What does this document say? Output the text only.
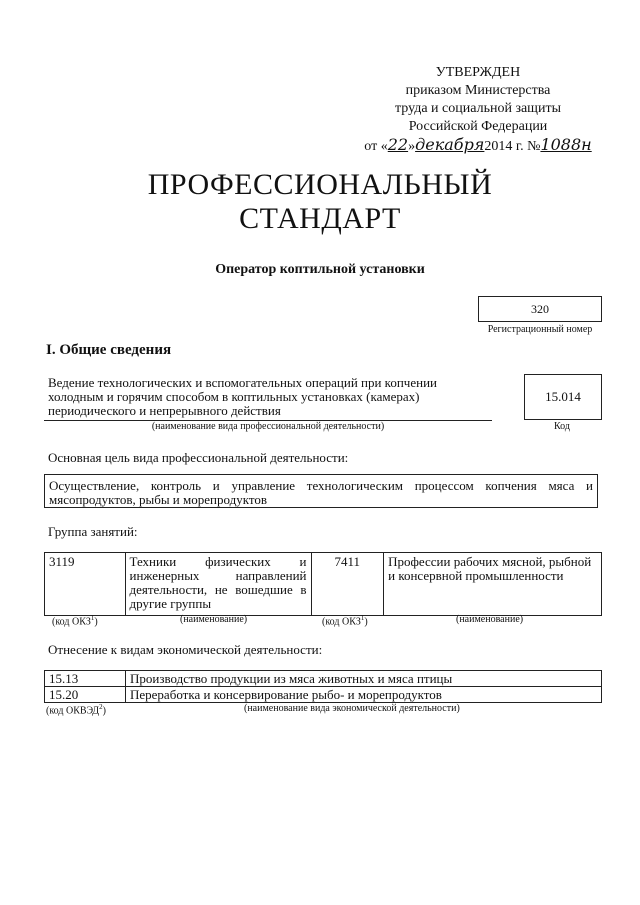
УТВЕРЖДЕН
приказом Министерства
труда и социальной защиты
Российской Федерации
от «22»декабря2014 г. №1088н
ПРОФЕССИОНАЛЬНЫЙ
СТАНДАРТ
Оператор коптильной установки
320
Регистрационный номер
I. Общие сведения
Ведение технологических и вспомогательных операций при копчении холодным и горячим способом в коптильных установках (камерах) периодического и непрерывного действия
(наименование вида профессиональной деятельности)
15.014
Код
Основная цель вида профессиональной деятельности:
Осуществление, контроль и управление технологическим процессом копчения мяса и мясопродуктов, рыбы и морепродуктов
Группа занятий:
3119	Техники физических и инженерных направлений деятельности, не вошедшие в другие группы	7411	Профессии рабочих мясной, рыбной и консервной промышленности
(код ОКЗ$^1$)	(наименование)	(код ОКЗ$^1$)	(наименование)
Отнесение к видам экономической деятельности:
15.13	Производство продукции из мяса животных и мяса птицы
15.20	Переработка и консервирование рыбо- и морепродуктов
(код ОКВЭД$^2$)	(наименование вида экономической деятельности)
